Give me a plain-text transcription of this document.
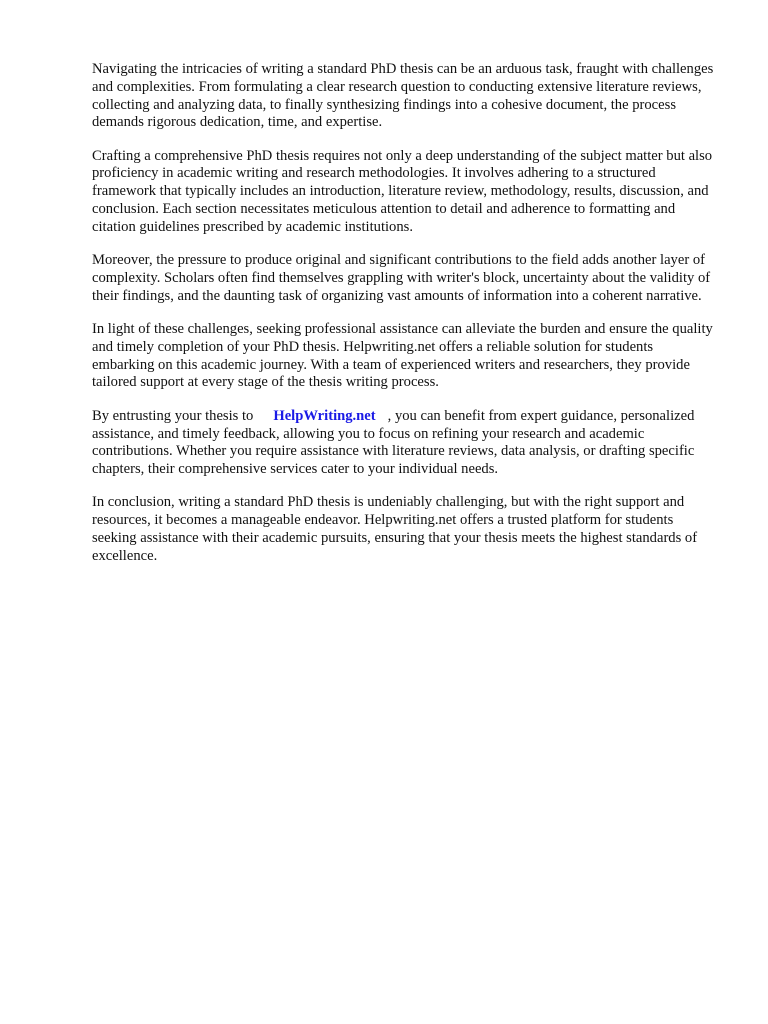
Navigating the intricacies of writing a standard PhD thesis can be an arduous task, fraught with challenges and complexities. From formulating a clear research question to conducting extensive literature reviews, collecting and analyzing data, to finally synthesizing findings into a cohesive document, the process demands rigorous dedication, time, and expertise.

Crafting a comprehensive PhD thesis requires not only a deep understanding of the subject matter but also proficiency in academic writing and research methodologies. It involves adhering to a structured framework that typically includes an introduction, literature review, methodology, results, discussion, and conclusion. Each section necessitates meticulous attention to detail and adherence to formatting and citation guidelines prescribed by academic institutions.

Moreover, the pressure to produce original and significant contributions to the field adds another layer of complexity. Scholars often find themselves grappling with writer's block, uncertainty about the validity of their findings, and the daunting task of organizing vast amounts of information into a coherent narrative.

In light of these challenges, seeking professional assistance can alleviate the burden and ensure the quality and timely completion of your PhD thesis. Helpwriting.net offers a reliable solution for students embarking on this academic journey. With a team of experienced writers and researchers, they provide tailored support at every stage of the thesis writing process.

By entrusting your thesis to HelpWriting.net , you can benefit from expert guidance, personalized assistance, and timely feedback, allowing you to focus on refining your research and academic contributions. Whether you require assistance with literature reviews, data analysis, or drafting specific chapters, their comprehensive services cater to your individual needs.

In conclusion, writing a standard PhD thesis is undeniably challenging, but with the right support and resources, it becomes a manageable endeavor. Helpwriting.net offers a trusted platform for students seeking assistance with their academic pursuits, ensuring that your thesis meets the highest standards of excellence.
